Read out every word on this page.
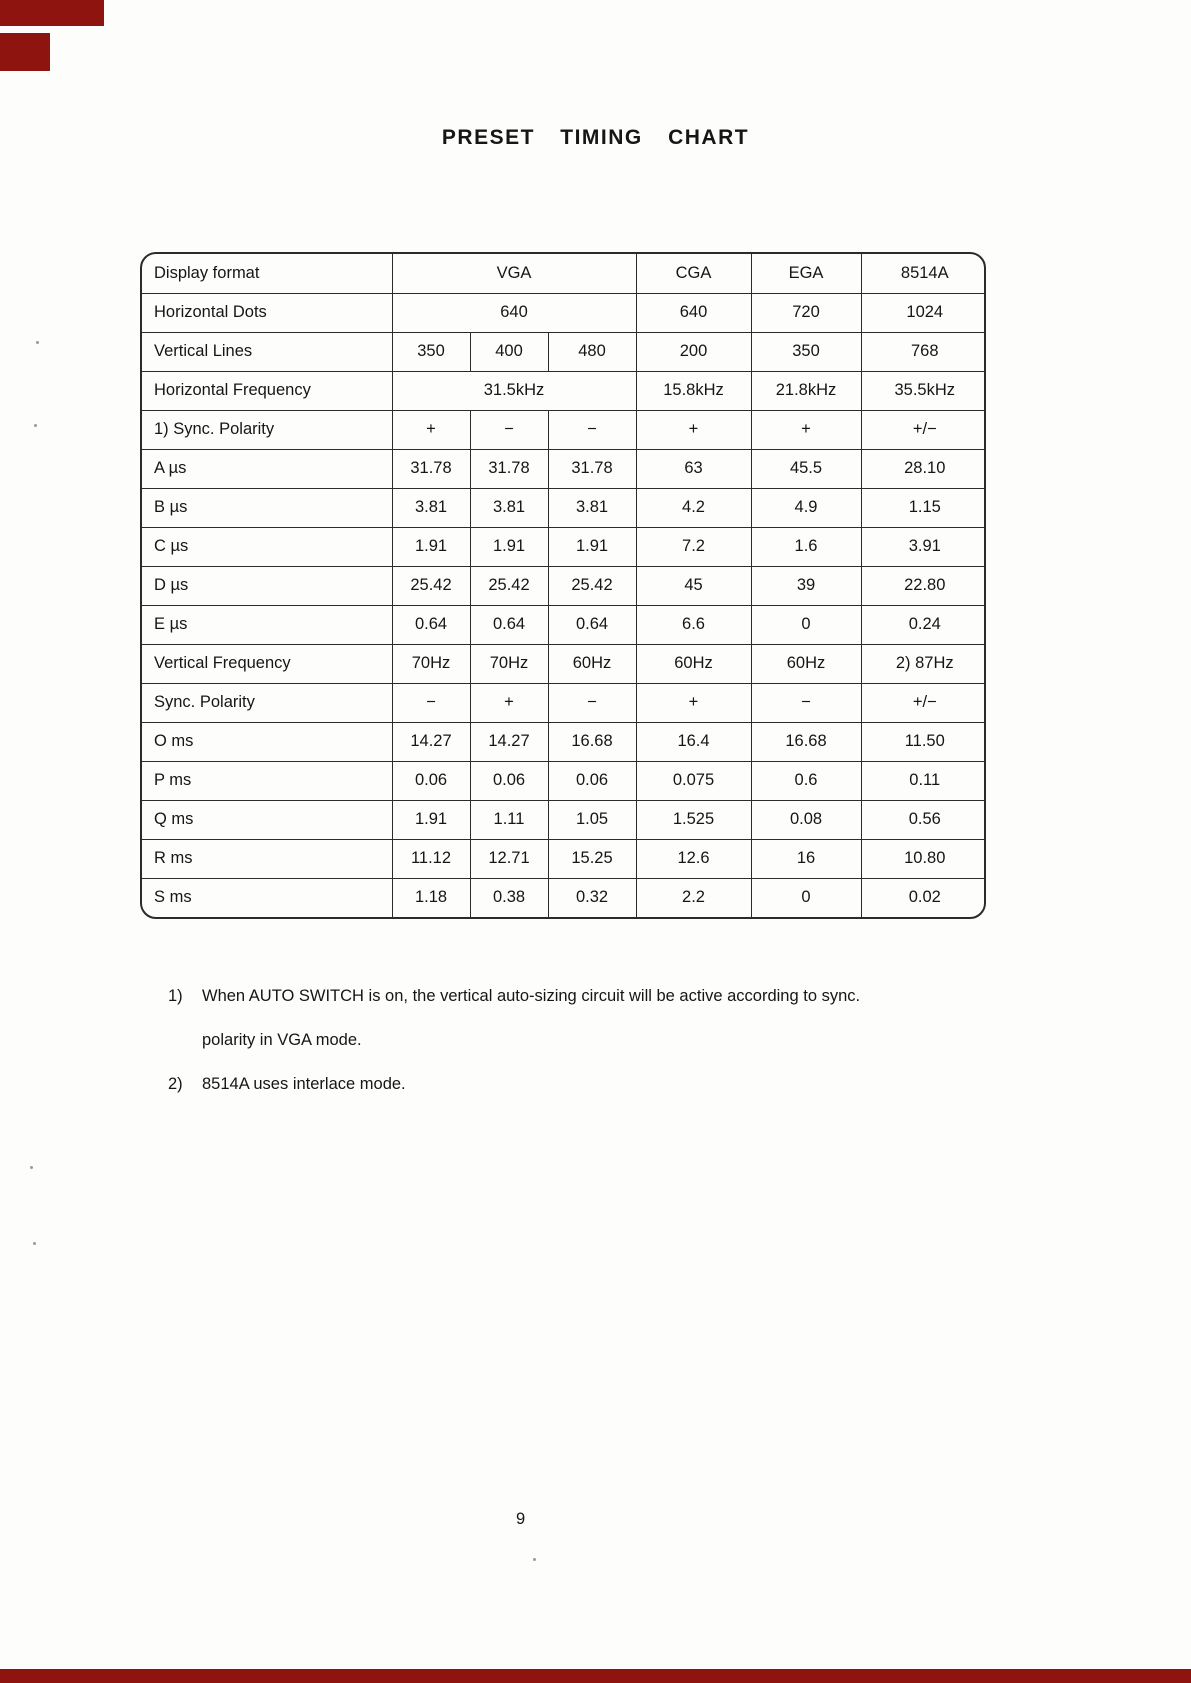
PRESET TIMING CHART
Display format	VGA			CGA	EGA	8514A
Horizontal Dots	640			640	720	1024
Vertical Lines	350	400	480	200	350	768
Horizontal Frequency	31.5kHz			15.8kHz	21.8kHz	35.5kHz
1) Sync. Polarity	+	−	−	+	+	+/−
A µs	31.78	31.78	31.78	63	45.5	28.10
B µs	3.81	3.81	3.81	4.2	4.9	1.15
C µs	1.91	1.91	1.91	7.2	1.6	3.91
D µs	25.42	25.42	25.42	45	39	22.80
E µs	0.64	0.64	0.64	6.6	0	0.24
Vertical Frequency	70Hz	70Hz	60Hz	60Hz	60Hz	2) 87Hz
Sync. Polarity	−	+	−	+	−	+/−
O ms	14.27	14.27	16.68	16.4	16.68	11.50
P ms	0.06	0.06	0.06	0.075	0.6	0.11
Q ms	1.91	1.11	1.05	1.525	0.08	0.56
R ms	11.12	12.71	15.25	12.6	16	10.80
S ms	1.18	0.38	0.32	2.2	0	0.02
1)	When AUTO SWITCH is on, the vertical auto-sizing circuit will be active according to sync.
polarity in VGA mode.
2)	8514A uses interlace mode.
9
